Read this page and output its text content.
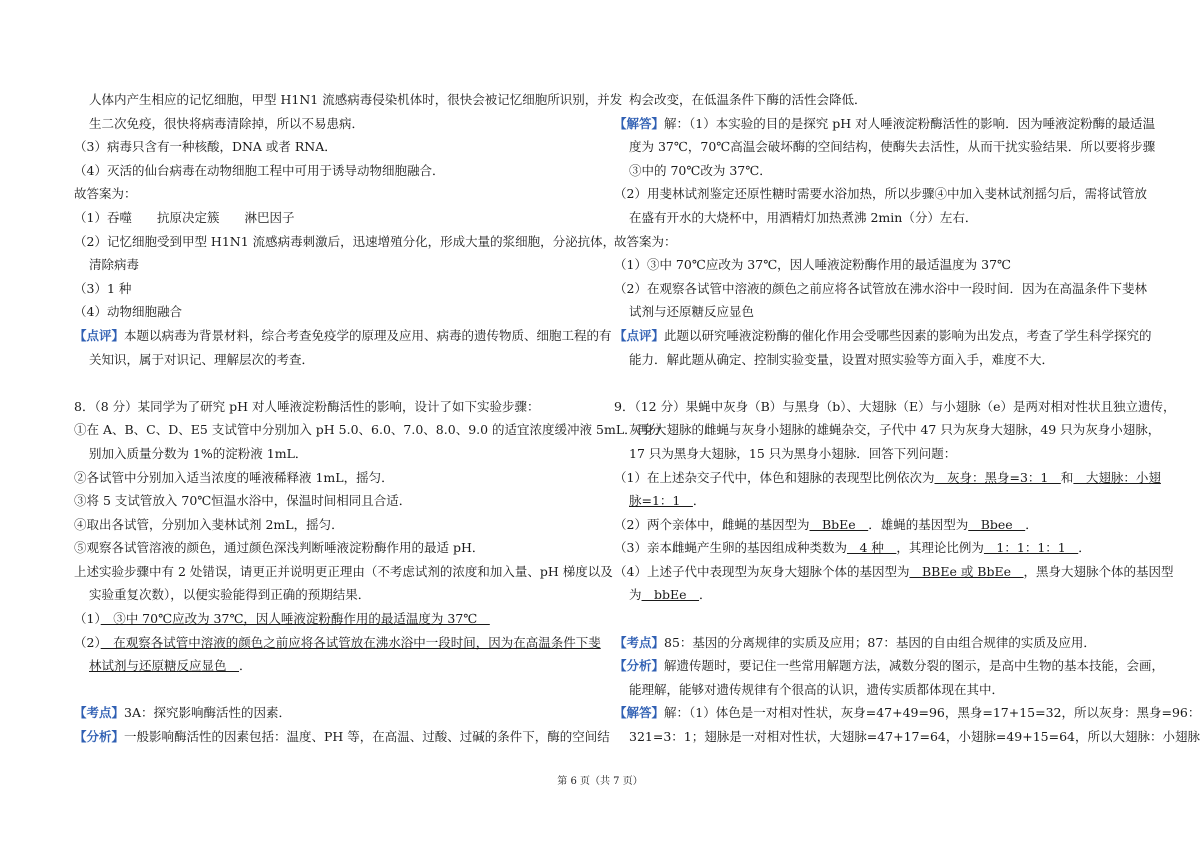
人体内产生相应的记忆细胞，甲型 H1N1 流感病毒侵染机体时，很快会被记忆细胞所识别，并发
生二次免疫，很快将病毒清除掉，所以不易患病．
（3）病毒只含有一种核酸，DNA 或者 RNA．
（4）灭活的仙台病毒在动物细胞工程中可用于诱导动物细胞融合．
故答案为：
（1）吞噬　　抗原决定簇　　淋巴因子
（2）记忆细胞受到甲型 H1N1 流感病毒刺激后，迅速增殖分化，形成大量的浆细胞，分泌抗体，
清除病毒
（3）1 种
（4）动物细胞融合
【点评】本题以病毒为背景材料，综合考查免疫学的原理及应用、病毒的遗传物质、细胞工程的有
关知识，属于对识记、理解层次的考查．
8．（8 分）某同学为了研究 pH 对人唾液淀粉酶活性的影响，设计了如下实验步骤：
①在 A、B、C、D、E5 支试管中分别加入 pH 5.0、6.0、7.0、8.0、9.0 的适宜浓度缓冲液 5mL．再分
别加入质量分数为 1%的淀粉液 1mL．
②各试管中分别加入适当浓度的唾液稀释液 1mL，摇匀．
③将 5 支试管放入 70℃恒温水浴中，保温时间相同且合适．
④取出各试管，分别加入斐林试剂 2mL，摇匀．
⑤观察各试管溶液的颜色，通过颜色深浅判断唾液淀粉酶作用的最适 pH．
上述实验步骤中有 2 处错误，请更正并说明更正理由（不考虑试剂的浓度和加入量、pH 梯度以及
实验重复次数），以便实验能得到正确的预期结果．
（1）　③中 70℃应改为 37℃，因人唾液淀粉酶作用的最适温度为 37℃　
（2）　在观察各试管中溶液的颜色之前应将各试管放在沸水浴中一段时间，因为在高温条件下斐
林试剂与还原糖反应显色　．
【考点】3A：探究影响酶活性的因素．
【分析】一般影响酶活性的因素包括：温度、PH 等，在高温、过酸、过碱的条件下，酶的空间结
构会改变，在低温条件下酶的活性会降低．
【解答】解：（1）本实验的目的是探究 pH 对人唾液淀粉酶活性的影响．因为唾液淀粉酶的最适温
度为 37℃，70℃高温会破坏酶的空间结构，使酶失去活性，从而干扰实验结果．所以要将步骤
③中的 70℃改为 37℃．
（2）用斐林试剂鉴定还原性糖时需要水浴加热，所以步骤④中加入斐林试剂摇匀后，需将试管放
在盛有开水的大烧杯中，用酒精灯加热煮沸 2min（分）左右．
故答案为：
（1）③中 70℃应改为 37℃，因人唾液淀粉酶作用的最适温度为 37℃
（2）在观察各试管中溶液的颜色之前应将各试管放在沸水浴中一段时间．因为在高温条件下斐林
试剂与还原糖反应显色
【点评】此题以研究唾液淀粉酶的催化作用会受哪些因素的影响为出发点，考查了学生科学探究的
能力．解此题从确定、控制实验变量，设置对照实验等方面入手，难度不大．
9．（12 分）果蝇中灰身（B）与黑身（b）、大翅脉（E）与小翅脉（e）是两对相对性状且独立遗传，
灰身大翅脉的雌蝇与灰身小翅脉的雄蝇杂交，子代中 47 只为灰身大翅脉，49 只为灰身小翅脉，
17 只为黑身大翅脉，15 只为黑身小翅脉．回答下列问题：
（1）在上述杂交子代中，体色和翅脉的表现型比例依次为　灰身：黑身=3：1　和　大翅脉：小翅
脉=1：1　．
（2）两个亲体中，雌蝇的基因型为　BbEe　．雄蝇的基因型为　Bbee　．
（3）亲本雌蝇产生卵的基因组成种类数为　4 种　，其理论比例为　1：1：1：1　．
（4）上述子代中表现型为灰身大翅脉个体的基因型为　BBEe 或 BbEe　，黑身大翅脉个体的基因型
为　bbEe　．
【考点】85：基因的分离规律的实质及应用；87：基因的自由组合规律的实质及应用．
【分析】解遗传题时，要记住一些常用解题方法，减数分裂的图示，是高中生物的基本技能，会画，
能理解，能够对遗传规律有个很高的认识，遗传实质都体现在其中．
【解答】解：（1）体色是一对相对性状，灰身=47+49=96，黑身=17+15=32，所以灰身：黑身=96：
321=3：1；翅脉是一对相对性状，大翅脉=47+17=64，小翅脉=49+15=64，所以大翅脉：小翅脉
第 6 页（共 7 页）
